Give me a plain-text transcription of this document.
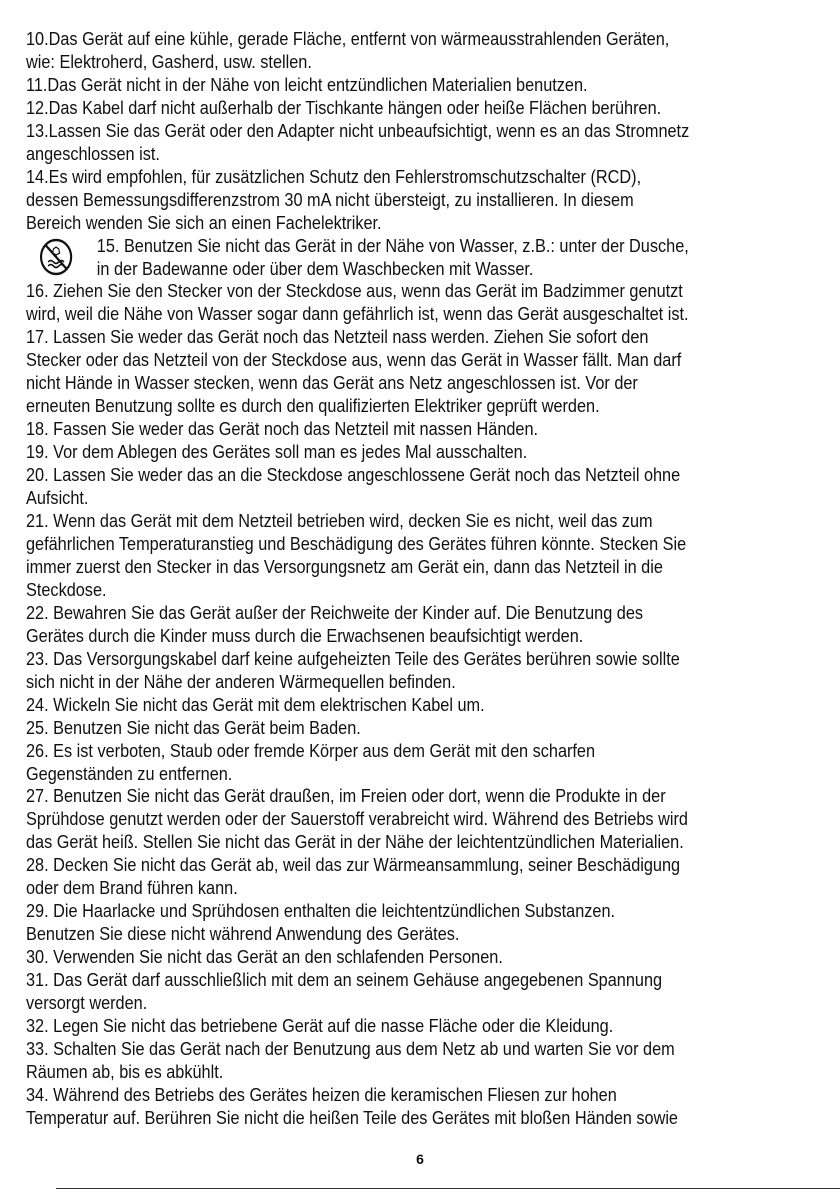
10.Das Gerät auf eine kühle, gerade Fläche, entfernt von wärmeausstrahlenden Geräten,

wie: Elektroherd, Gasherd, usw. stellen.

11.Das Gerät nicht in der Nähe von leicht entzündlichen Materialien benutzen.

12.Das Kabel darf nicht außerhalb der Tischkante hängen oder heiße Flächen berühren.

13.Lassen Sie das Gerät oder den Adapter nicht unbeaufsichtigt, wenn es an das Stromnetz

angeschlossen ist.

14.Es wird empfohlen, für zusätzlichen Schutz den Fehlerstromschutzschalter (RCD),

dessen Bemessungsdifferenzstrom 30 mA nicht übersteigt, zu installieren. In diesem

Bereich wenden Sie sich an einen Fachelektriker.

15. Benutzen Sie nicht das Gerät in der Nähe von Wasser, z.B.: unter der Dusche,

in der Badewanne oder über dem Waschbecken mit Wasser.

16. Ziehen Sie den Stecker von der Steckdose aus, wenn das Gerät im Badzimmer genutzt

wird, weil die Nähe von Wasser sogar dann gefährlich ist, wenn das Gerät ausgeschaltet ist.

17. Lassen Sie weder das Gerät noch das Netzteil nass werden. Ziehen Sie sofort den

Stecker oder das Netzteil von der Steckdose aus, wenn das Gerät in Wasser fällt. Man darf

nicht Hände in Wasser stecken, wenn das Gerät ans Netz angeschlossen ist. Vor der

erneuten Benutzung sollte es durch den qualifizierten Elektriker geprüft werden.

18. Fassen Sie weder das Gerät noch das Netzteil mit nassen Händen.

19. Vor dem Ablegen des Gerätes soll man es jedes Mal ausschalten.

20. Lassen Sie weder das an die Steckdose angeschlossene Gerät noch das Netzteil ohne

Aufsicht.

21. Wenn das Gerät mit dem Netzteil betrieben wird, decken Sie es nicht, weil das zum

gefährlichen Temperaturanstieg und Beschädigung des Gerätes führen könnte. Stecken Sie

immer zuerst den Stecker in das Versorgungsnetz am Gerät ein, dann das Netzteil in die

Steckdose.

22. Bewahren Sie das Gerät außer der Reichweite der Kinder auf. Die Benutzung des

Gerätes durch die Kinder muss durch die Erwachsenen beaufsichtigt werden.

23. Das Versorgungskabel darf keine aufgeheizten Teile des Gerätes berühren sowie sollte

sich nicht in der Nähe der anderen Wärmequellen befinden.

24. Wickeln Sie nicht das Gerät mit dem elektrischen Kabel um.

25. Benutzen Sie nicht das Gerät beim Baden.

26. Es ist verboten, Staub oder fremde Körper aus dem Gerät mit den scharfen

Gegenständen zu entfernen.

27. Benutzen Sie nicht das Gerät draußen, im Freien oder dort, wenn die Produkte in der

Sprühdose genutzt werden oder der Sauerstoff verabreicht wird. Während des Betriebs wird

das Gerät heiß. Stellen Sie nicht das Gerät in der Nähe der leichtentzündlichen Materialien.

28. Decken Sie nicht das Gerät ab, weil das zur Wärmeansammlung, seiner Beschädigung

oder dem Brand führen kann.

29. Die Haarlacke und Sprühdosen enthalten die leichtentzündlichen Substanzen.

Benutzen Sie diese nicht während Anwendung des Gerätes.

30. Verwenden Sie nicht das Gerät an den schlafenden Personen.

31. Das Gerät darf ausschließlich mit dem an seinem Gehäuse angegebenen Spannung

versorgt werden.

32. Legen Sie nicht das betriebene Gerät auf die nasse Fläche oder die Kleidung.

33. Schalten Sie das Gerät nach der Benutzung aus dem Netz ab und warten Sie vor dem

Räumen ab, bis es abkühlt.

34. Während des Betriebs des Gerätes heizen die keramischen Fliesen zur hohen

Temperatur auf. Berühren Sie nicht die heißen Teile des Gerätes mit bloßen Händen sowie

6
